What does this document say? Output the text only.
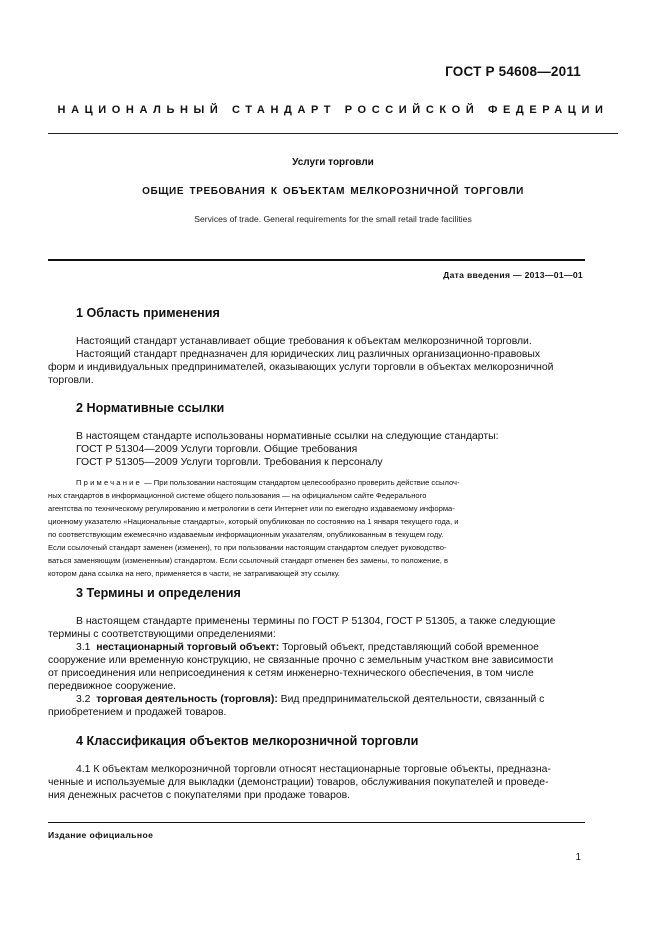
ГОСТ Р 54608—2011
НАЦИОНАЛЬНЫЙ СТАНДАРТ РОССИЙСКОЙ ФЕДЕРАЦИИ
Услуги торговли
ОБЩИЕ ТРЕБОВАНИЯ К ОБЪЕКТАМ МЕЛКОРОЗНИЧНОЙ ТОРГОВЛИ
Services of trade. General requirements for the small retail trade facilities
Дата введения — 2013—01—01
1 Область применения
Настоящий стандарт устанавливает общие требования к объектам мелкорозничной торговли.
Настоящий стандарт предназначен для юридических лиц различных организационно-правовых
форм и индивидуальных предпринимателей, оказывающих услуги торговли в объектах мелкорозничной
торговли.
2 Нормативные ссылки
В настоящем стандарте использованы нормативные ссылки на следующие стандарты:
ГОСТ Р 51304—2009 Услуги торговли. Общие требования
ГОСТ Р 51305—2009 Услуги торговли. Требования к персоналу
Примечание — При пользовании настоящим стандартом целесообразно проверить действие ссылоч-
ных стандартов в информационной системе общего пользования — на официальном сайте Федерального
агентства по техническому регулированию и метрологии в сети Интернет или по ежегодно издаваемому информа-
ционному указателю «Национальные стандарты», который опубликован по состоянию на 1 января текущего года, и
по соответствующим ежемесячно издаваемым информационным указателям, опубликованным в текущем году.
Если ссылочный стандарт заменен (изменен), то при пользовании настоящим стандартом следует руководство-
ваться заменяющим (измененным) стандартом. Если ссылочный стандарт отменен без замены, то положение, в
котором дана ссылка на него, применяется в части, не затрагивающей эту ссылку.
3 Термины и определения
В настоящем стандарте применены термины по ГОСТ Р 51304, ГОСТ Р 51305, а также следующие
термины с соответствующими определениями:
3.1 нестационарный торговый объект: Торговый объект, представляющий собой временное
сооружение или временную конструкцию, не связанные прочно с земельным участком вне зависимости
от присоединения или неприсоединения к сетям инженерно-технического обеспечения, в том числе
передвижное сооружение.
3.2 торговая деятельность (торговля): Вид предпринимательской деятельности, связанный с
приобретением и продажей товаров.
4 Классификация объектов мелкорозничной торговли
4.1 К объектам мелкорозничной торговли относят нестационарные торговые объекты, предназна-
ченные и используемые для выкладки (демонстрации) товаров, обслуживания покупателей и проведе-
ния денежных расчетов с покупателями при продаже товаров.
Издание официальное
1
